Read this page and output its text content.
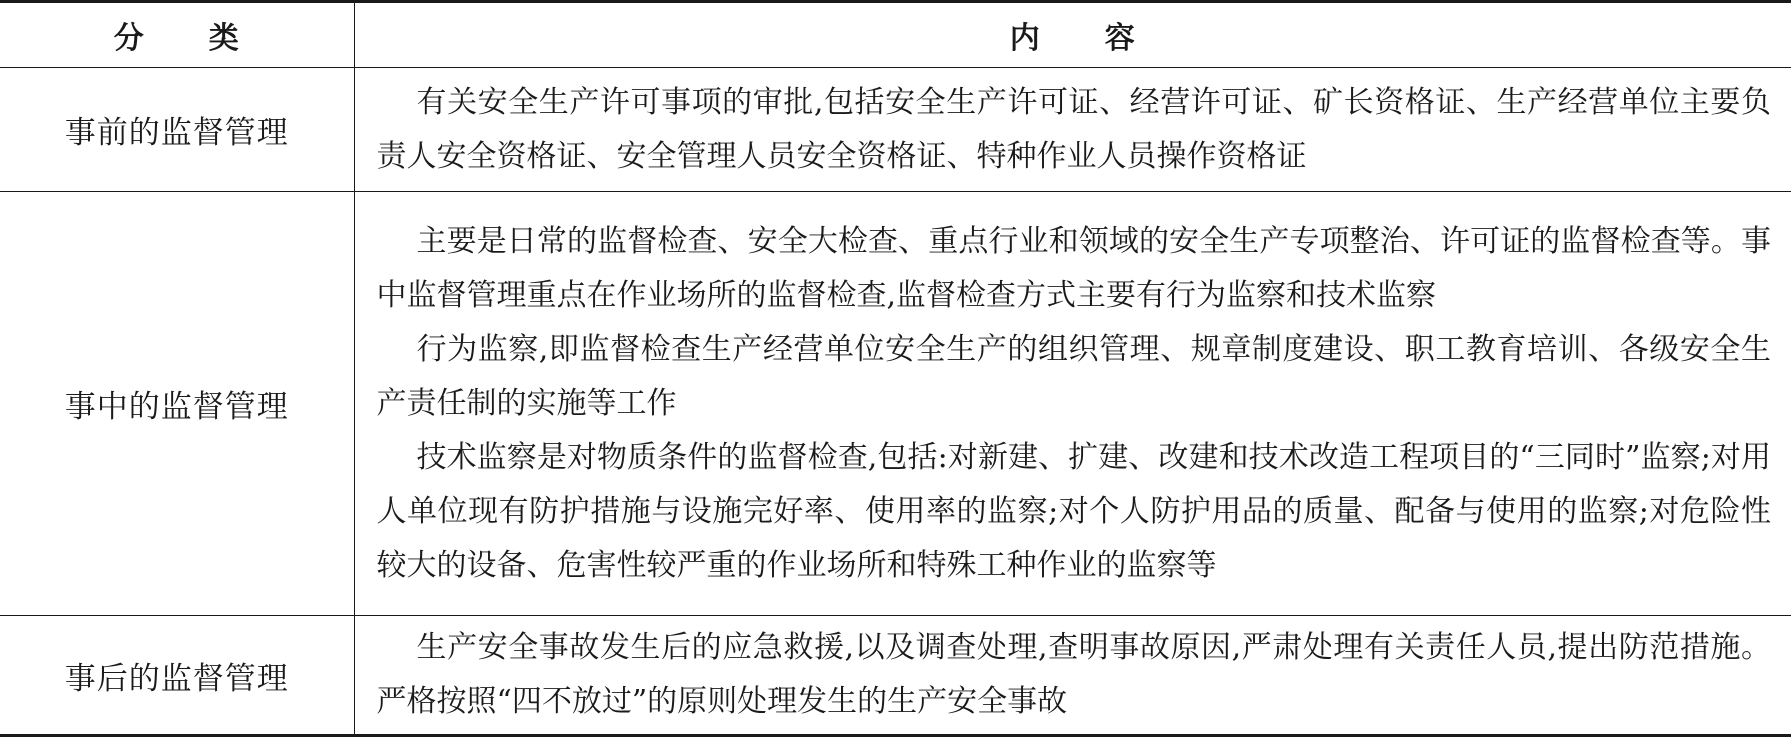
分 类	内 容
事前的监督管理	有关安全生产许可事项的审批,包括安全生产许可证、经营许可证、矿长资格证、生产经营单位主要负责人安全资格证、安全管理人员安全资格证、特种作业人员操作资格证

事中的监督管理	主要是日常的监督检查、安全大检查、重点行业和领域的安全生产专项整治、许可证的监督检查等。事中监督管理重点在作业场所的监督检查,监督检查方式主要有行为监察和技术监察

行为监察,即监督检查生产经营单位安全生产的组织管理、规章制度建设、职工教育培训、各级安全生产责任制的实施等工作

技术监察是对物质条件的监督检查,包括:对新建、扩建、改建和技术改造工程项目的“三同时”监察;对用人单位现有防护措施与设施完好率、使用率的监察;对个人防护用品的质量、配备与使用的监察;对危险性较大的设备、危害性较严重的作业场所和特殊工种作业的监察等

事后的监督管理	生产安全事故发生后的应急救援,以及调查处理,查明事故原因,严肃处理有关责任人员,提出防范措施。严格按照“四不放过”的原则处理发生的生产安全事故
